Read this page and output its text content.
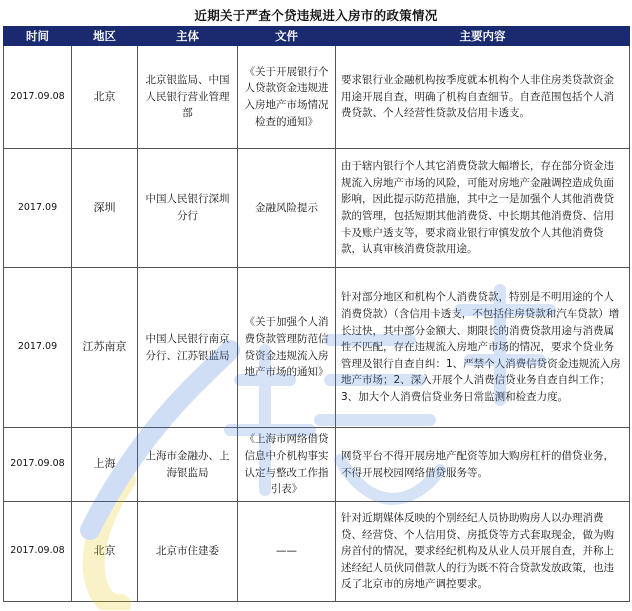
近期关于严查个贷违规进入房市的政策情况
时间	地区	主体	文件	主要内容
2017.09.08	北京	北京银监局、中国人民银行营业管理部	《关于开展银行个人贷款资金违规进入房地产市场情况检查的通知》	要求银行业金融机构按季度就本机构个人非住房类贷款资金用途开展自查，明确了机构自查细节。自查范围包括个人消费贷款、个人经营性贷款及信用卡透支。
2017.09	深圳	中国人民银行深圳分行	金融风险提示	由于辖内银行个人其它消费贷款大幅增长，存在部分资金违规流入房地产市场的风险，可能对房地产金融调控造成负面影响，因此提示防范措施，其中之一是加强个人其他消费贷款的管理，包括短期其他消费贷、中长期其他消费贷、信用卡及账户透支等，要求商业银行审慎发放个人其他消费贷款，认真审核消费贷款用途。
2017.09	江苏南京	中国人民银行南京分行、江苏银监局	《关于加强个人消费贷款管理防范信贷资金违规流入房地产市场的通知》	针对部分地区和机构个人消费贷款，特别是不明用途的个人消费贷款）（含信用卡透支，不包括住房贷款和汽车贷款）增长过快，其中部分金额大、期限长的消费贷款用途与消费属性不匹配，存在违规流入房地产市场的情况，要求个贷业务管理及银行自查自纠：1、严禁个人消费信贷资金违规流入房地产市场；2、深入开展个人消费信贷业务自查自纠工作；3、加大个人消费信贷业务日常监测和检查力度。
2017.09.08	上海	上海市金融办、上海银监局	《上海市网络借贷信息中介机构事实认定与整改工作指引表》	网贷平台不得开展房地产配资等加大购房杠杆的借贷业务，不得开展校园网络借贷服务等。
2017.09.08	北京	北京市住建委	——	针对近期媒体反映的个别经纪人员协助购房人以办理消费贷、经营贷、个人信用贷、房抵贷等方式套取现金，做为购房首付的情况，要求经纪机构及从业人员开展自查，并称上述经纪人员伙同借款人的行为既不符合贷款发放政策，也违反了北京市的房地产调控要求。
